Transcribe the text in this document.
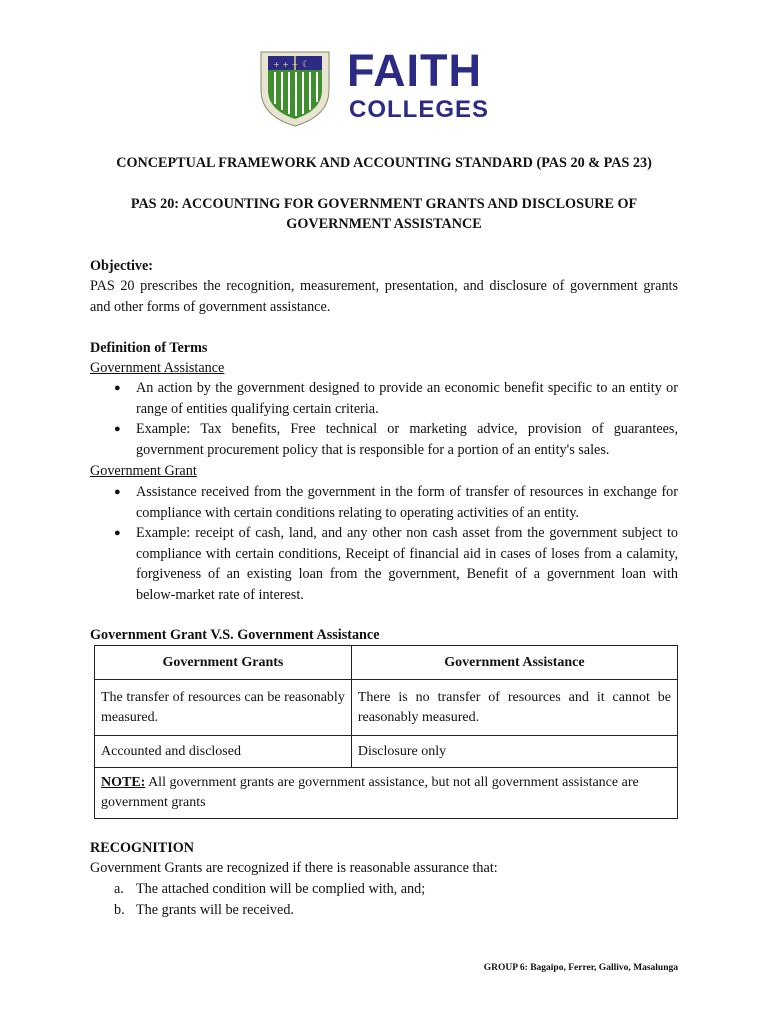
+ + + ☾ FAITH
COLLEGES
CONCEPTUAL FRAMEWORK AND ACCOUNTING STANDARD (PAS 20 & PAS 23)
PAS 20: ACCOUNTING FOR GOVERNMENT GRANTS AND DISCLOSURE OF
GOVERNMENT ASSISTANCE
Objective:
PAS 20 prescribes the recognition, measurement, presentation, and disclosure of government grants and other forms of government assistance.
Definition of Terms
Government Assistance
● An action by the government designed to provide an economic benefit specific to an entity or range of entities qualifying certain criteria.
● Example: Tax benefits, Free technical or marketing advice, provision of guarantees, government procurement policy that is responsible for a portion of an entity's sales.
Government Grant
● Assistance received from the government in the form of transfer of resources in exchange for compliance with certain conditions relating to operating activities of an entity.
● Example: receipt of cash, land, and any other non cash asset from the government subject to compliance with certain conditions, Receipt of financial aid in cases of loses from a calamity, forgiveness of an existing loan from the government, Benefit of a government loan with below-market rate of interest.
Government Grant V.S. Government Assistance
Government Grants	Government Assistance
The transfer of resources can be reasonably measured.	There is no transfer of resources and it cannot be reasonably measured.
Accounted and disclosed	Disclosure only
NOTE: All government grants are government assistance, but not all government assistance are government grants	
RECOGNITION
Government Grants are recognized if there is reasonable assurance that:
a. The attached condition will be complied with, and;
b. The grants will be received.
GROUP 6: Bagaipo, Ferrer, Gallivo, Masalunga
